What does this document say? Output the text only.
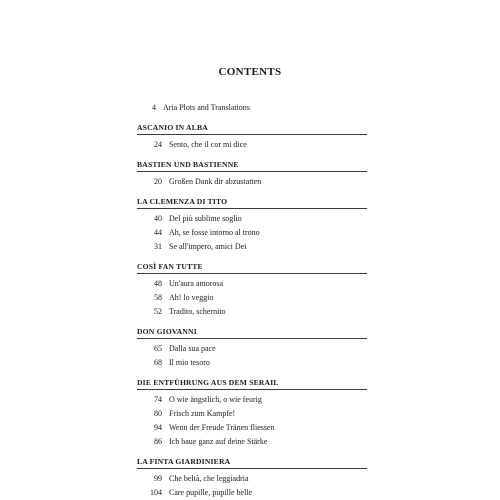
CONTENTS
4 Aria Plots and Translations
ASCANIO IN ALBA
24 Sento, che il cor mi dice
BASTIEN UND BASTIENNE
20 Großen Dank dir abzustatten
LA CLEMENZA DI TITO
40 Del più sublime soglio
44 Ah, se fosse intorno al trono
31 Se all'impero, amici Dei
COSÌ FAN TUTTE
48 Un'aura amorosa
58 Ah! lo veggio
52 Tradito, schernito
DON GIOVANNI
65 Dalla sua pace
68 Il mio tesoro
DIE ENTFÜHRUNG AUS DEM SERAIL
74 O wie ängstlich, o wie feurig
80 Frisch zum Kampfe!
94 Wenn der Freude Tränen fliessen
86 Ich baue ganz auf deine Stärke
LA FINTA GIARDINIERA
99 Che beltà, che leggiadria
104 Care pupille, pupille belle
